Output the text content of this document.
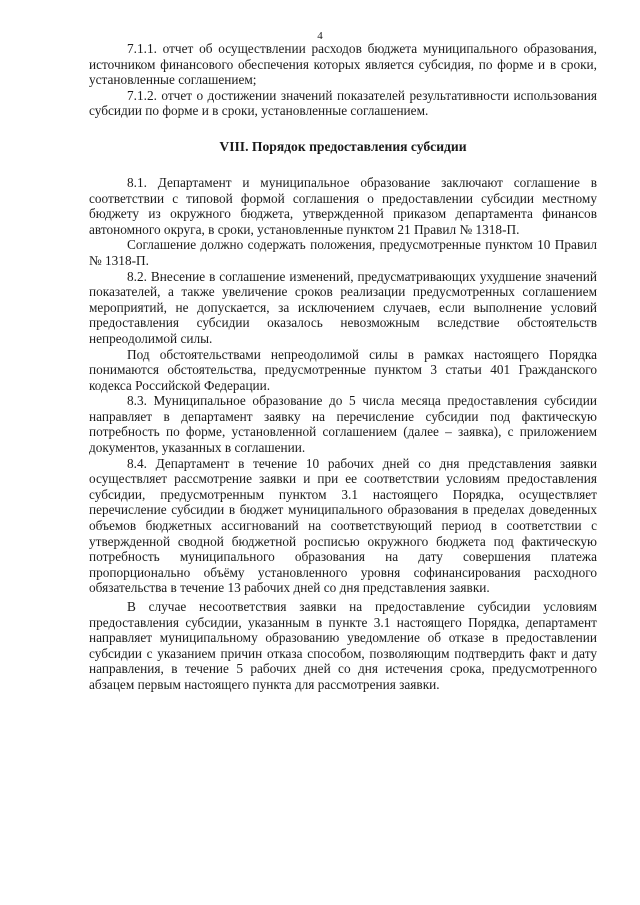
4

7.1.1. отчет об осуществлении расходов бюджета муниципального образования, источником финансового обеспечения которых является субсидия, по форме и в сроки, установленные соглашением;

7.1.2. отчет о достижении значений показателей результативности использования субсидии по форме и в сроки, установленные соглашением.

VIII. Порядок предоставления субсидии

8.1. Департамент и муниципальное образование заключают соглашение в соответствии с типовой формой соглашения о предоставлении субсидии местному бюджету из окружного бюджета, утвержденной приказом департамента финансов автономного округа, в сроки, установленные пунктом 21 Правил № 1318-П.

Соглашение должно содержать положения, предусмотренные пунктом 10 Правил № 1318-П.

8.2. Внесение в соглашение изменений, предусматривающих ухудшение значений показателей, а также увеличение сроков реализации предусмотренных соглашением мероприятий, не допускается, за исключением случаев, если выполнение условий предоставления субсидии оказалось невозможным вследствие обстоятельств непреодолимой силы.

Под обстоятельствами непреодолимой силы в рамках настоящего Порядка понимаются обстоятельства, предусмотренные пунктом 3 статьи 401 Гражданского кодекса Российской Федерации.

8.3. Муниципальное образование до 5 числа месяца предоставления субсидии направляет в департамент заявку на перечисление субсидии под фактическую потребность по форме, установленной соглашением (далее – заявка), с приложением документов, указанных в соглашении.

8.4. Департамент в течение 10 рабочих дней со дня представления заявки осуществляет рассмотрение заявки и при ее соответствии условиям предоставления субсидии, предусмотренным пунктом 3.1 настоящего Порядка, осуществляет перечисление субсидии в бюджет муниципального образования в пределах доведенных объемов бюджетных ассигнований на соответствующий период в соответствии с утвержденной сводной бюджетной росписью окружного бюджета под фактическую потребность муниципального образования на дату совершения платежа пропорционально объёму установленного уровня софинансирования расходного обязательства в течение 13 рабочих дней со дня представления заявки.

В случае несоответствия заявки на предоставление субсидии условиям предоставления субсидии, указанным в пункте 3.1 настоящего Порядка, департамент направляет муниципальному образованию уведомление об отказе в предоставлении субсидии с указанием причин отказа способом, позволяющим подтвердить факт и дату направления, в течение 5 рабочих дней со дня истечения срока, предусмотренного абзацем первым настоящего пункта для рассмотрения заявки.
